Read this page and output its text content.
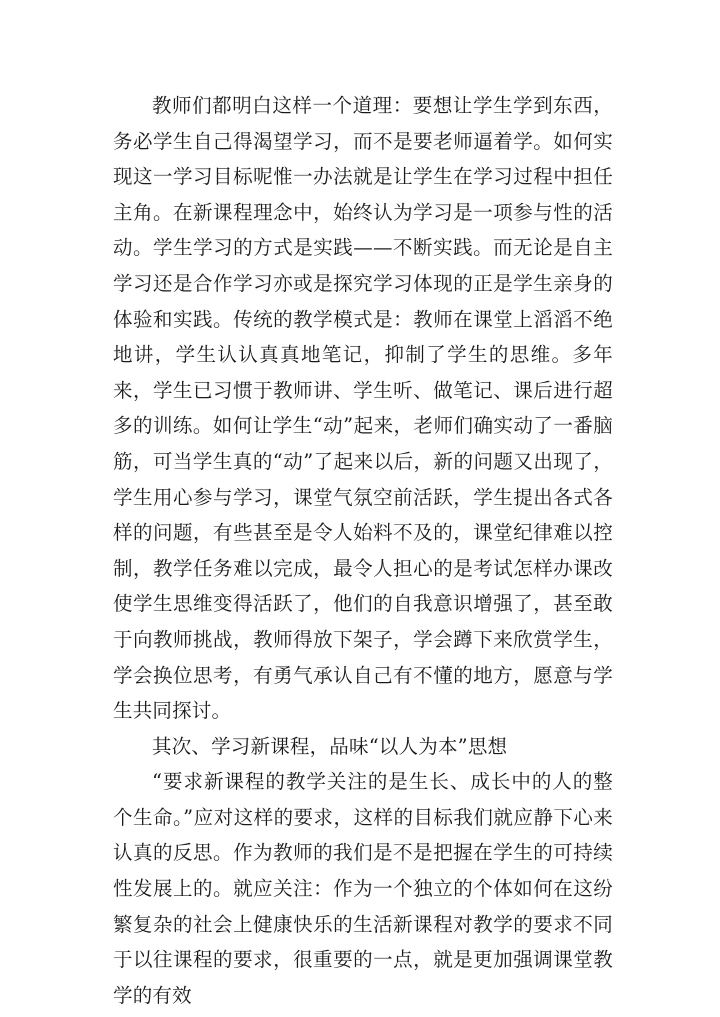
教师们都明白这样一个道理：要想让学生学到东西，务必学生自己得渴望学习，而不是要老师逼着学。如何实现这一学习目标呢惟一办法就是让学生在学习过程中担任主角。在新课程理念中，始终认为学习是一项参与性的活动。学生学习的方式是实践——不断实践。而无论是自主学习还是合作学习亦或是探究学习体现的正是学生亲身的体验和实践。传统的教学模式是：教师在课堂上滔滔不绝地讲，学生认认真真地笔记，抑制了学生的思维。多年来，学生已习惯于教师讲、学生听、做笔记、课后进行超多的训练。如何让学生“动”起来，老师们确实动了一番脑筋，可当学生真的“动”了起来以后，新的问题又出现了，学生用心参与学习，课堂气氛空前活跃，学生提出各式各样的问题，有些甚至是令人始料不及的，课堂纪律难以控制，教学任务难以完成，最令人担心的是考试怎样办课改使学生思维变得活跃了，他们的自我意识增强了，甚至敢于向教师挑战，教师得放下架子，学会蹲下来欣赏学生，学会换位思考，有勇气承认自己有不懂的地方，愿意与学生共同探讨。

其次、学习新课程，品味“以人为本”思想

“要求新课程的教学关注的是生长、成长中的人的整个生命。”应对这样的要求，这样的目标我们就应静下心来认真的反思。作为教师的我们是不是把握在学生的可持续性发展上的。就应关注：作为一个独立的个体如何在这纷繁复杂的社会上健康快乐的生活新课程对教学的要求不同于以往课程的要求，很重要的一点，就是更加强调课堂教学的有效
